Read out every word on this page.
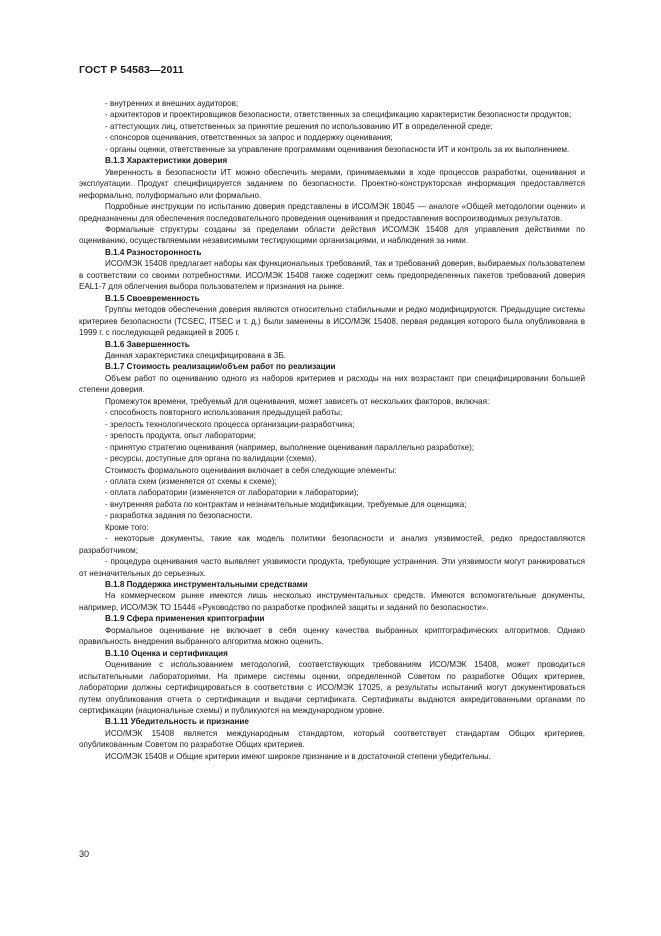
ГОСТ Р 54583—2011

- внутренних и внешних аудиторов;

- архитекторов и проектировщиков безопасности, ответственных за спецификацию характеристик безопасности продуктов;

- аттестующих лиц, ответственных за принятие решения по использованию ИТ в определенной среде;

- спонсоров оценивания, ответственных за запрос и поддержку оценивания;

- органы оценки, ответственные за управление программами оценивания безопасности ИТ и контроль за их выполнением.

В.1.3 Характеристики доверия

Уверенность в безопасности ИТ можно обеспечить мерами, принимаемыми в ходе процессов разработки, оценивания и эксплуатации. Продукт специфицируется заданием по безопасности. Проектно-конструкторская информация предоставляется неформально, полуформально или формально.

Подробные инструкции по испытанию доверия представлены в ИСО/МЭК 18045 — аналоге «Общей методологии оценки» и предназначены для обеспечения последовательного проведения оценивания и предоставления воспроизводимых результатов.

Формальные структуры созданы за пределами области действия ИСО/МЭК 15408 для управления действиями по оцениванию, осуществляемыми независимыми тестирующими организациями, и наблюдения за ними.

В.1.4 Разносторонность

ИСО/МЭК 15408 предлагает наборы как функциональных требований, так и требований доверия, выбираемых пользователем в соответствии со своими потребностями. ИСО/МЭК 15408 также содержит семь предопределенных пакетов требований доверия EAL1-7 для облегчения выбора пользователем и признания на рынке.

В.1.5 Своевременность

Группы методов обеспечения доверия являются относительно стабильными и редко модифицируются. Предыдущие системы критериев безопасности (TCSEC, ITSEC и т. д.) были заменены в ИСО/МЭК 15408, первая редакция которого была опубликована в 1999 г. с последующей редакцией в 2005 г.

В.1.6 Завершенность

Данная характеристика специфицирована в 3Б.

В.1.7 Стоимость реализации/объем работ по реализации

Объем работ по оцениванию одного из наборов критериев и расходы на них возрастают при специфицировании большей степени доверия.

Промежуток времени, требуемый для оценивания, может зависеть от нескольких факторов, включая:

- способность повторного использования предыдущей работы;

- зрелость технологического процесса организации-разработчика;

- зрелость продукта, опыт лаборатории;

- принятую стратегию оценивания (например, выполнение оценивания параллельно разработке);

- ресурсы, доступные для органа по валидации (схема).

Стоимость формального оценивания включает в себя следующие элементы:

- оплата схем (изменяется от схемы к схеме);

- оплата лаборатории (изменяется от лаборатории к лаборатории);

- внутренняя работа по контрактам и незначительные модификации, требуемые для оценщика;

- разработка задания по безопасности.

Кроме того:

- некоторые документы, такие как модель политики безопасности и анализ уязвимостей, редко предоставляются разработчиком;

- процедура оценивания часто выявляет уязвимости продукта, требующие устранения. Эти уязвимости могут ранжироваться от незначительных до серьезных.

В.1.8 Поддержка инструментальными средствами

На коммерческом рынке имеются лишь несколько инструментальных средств. Имеются вспомогательные документы, например, ИСО/МЭК ТО 15446 «Руководство по разработке профилей защиты и заданий по безопасности».

В.1.9 Сфера применения криптографии

Формальное оценивание не включает в себя оценку качества выбранных криптографических алгоритмов. Однако правильность внедрения выбранного алгоритма можно оценить.

В.1.10 Оценка и сертификация

Оценивание с использованием методологий, соответствующих требованиям ИСО/МЭК 15408, может проводиться испытательными лабораториями. На примере системы оценки, определенной Советом по разработке Общих критериев, лаборатории должны сертифицироваться в соответствии с ИСО/МЭК 17025, а результаты испытаний могут документироваться путем опубликования отчета о сертификации и выдачи сертификата. Сертификаты выдаются аккредитованными органами по сертификации (национальные схемы) и публикуются на международном уровне.

В.1.11 Убедительность и признание

ИСО/МЭК 15408 является международным стандартом, который соответствует стандартам Общих критериев, опубликованным Советом по разработке Общих критериев.

ИСО/МЭК 15408 и Общие критерии имеют широкое признание и в достаточной степени убедительны.

30
